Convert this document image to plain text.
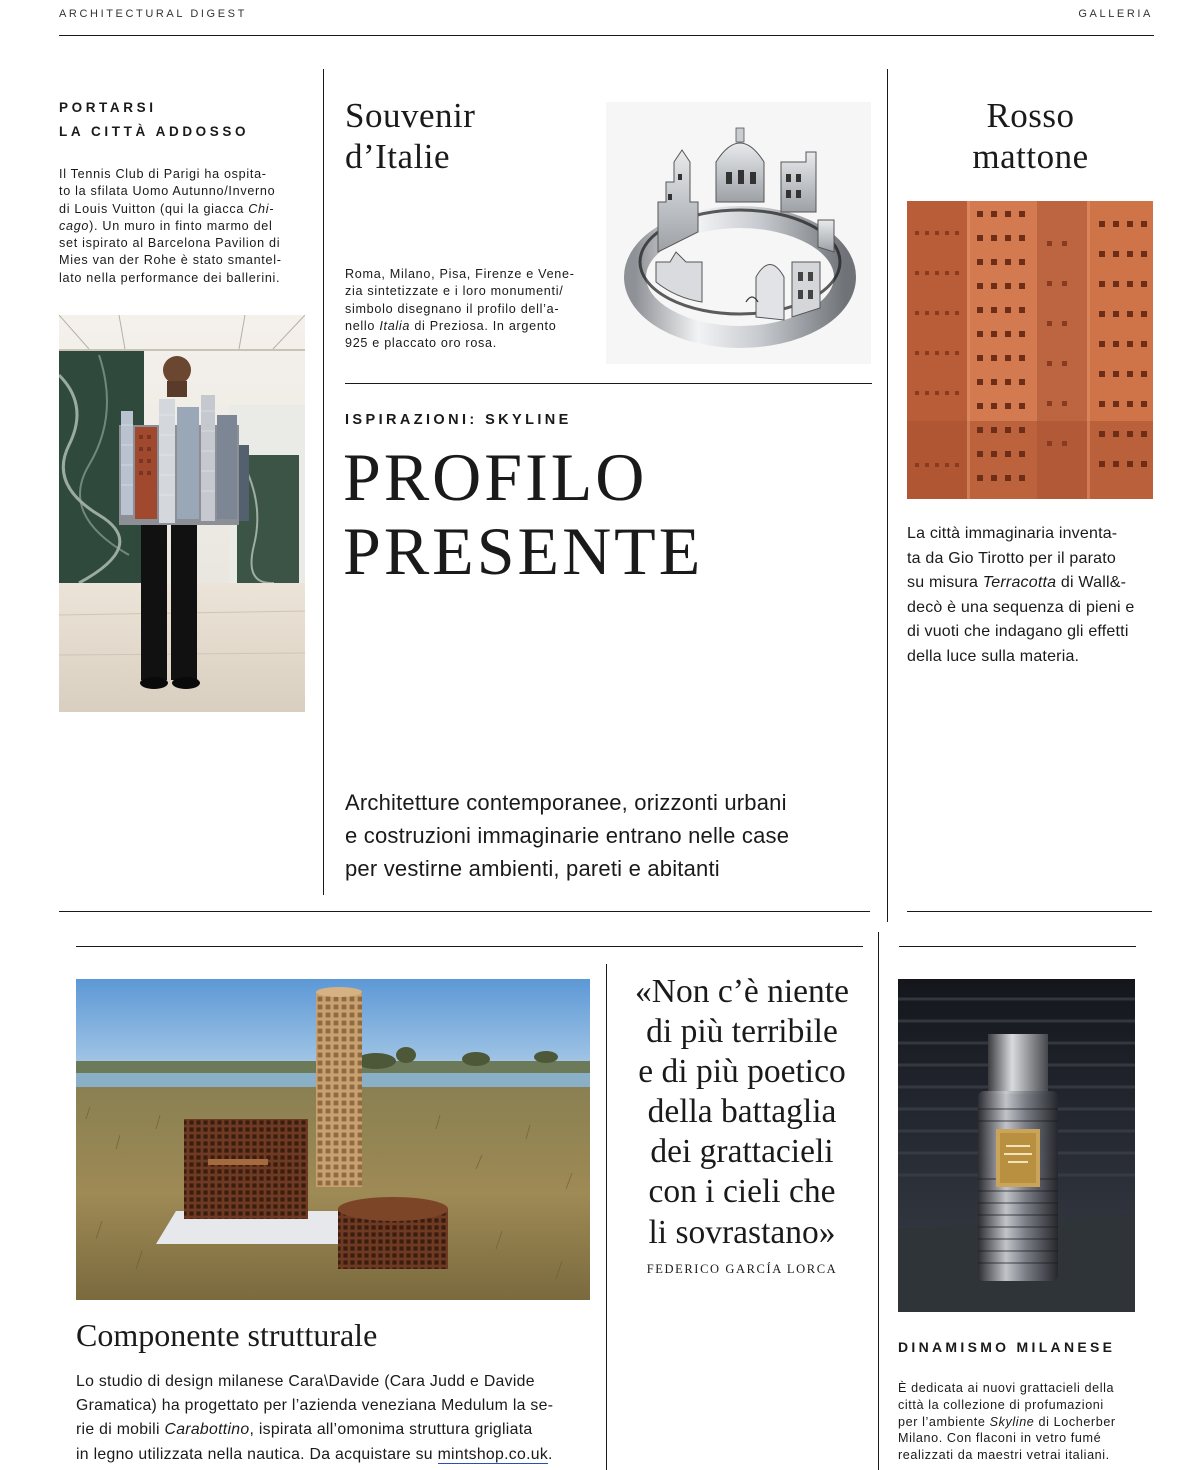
ARCHITECTURAL DIGEST	GALLERIA
PORTARSI
LA CITTÀ ADDOSSO
Il Tennis Club di Parigi ha ospita-
to la sfilata Uomo Autunno/Inverno
di Louis Vuitton (qui la giacca Chi-
cago). Un muro in finto marmo del
set ispirato al Barcelona Pavilion di
Mies van der Rohe è stato smantel-
lato nella performance dei ballerini.
Souvenir
d’Italie
Roma, Milano, Pisa, Firenze e Vene-
zia sintetizzate e i loro monumenti/
simbolo disegnano il profilo dell’a-
nello Italia di Preziosa. In argento
925 e placcato oro rosa.
ISPIRAZIONI: SKYLINE
PROFILO
PRESENTE
Architetture contemporanee, orizzonti urbani
e costruzioni immaginarie entrano nelle case
per vestirne ambienti, pareti e abitanti
Rosso
mattone
La città immaginaria inventa-
ta da Gio Tirotto per il parato
su misura Terracotta di Wall&-
decò è una sequenza di pieni e
di vuoti che indagano gli effetti
della luce sulla materia.
Componente strutturale
Lo studio di design milanese Cara\Davide (Cara Judd e Davide
Gramatica) ha progettato per l’azienda veneziana Medulum la se-
rie di mobili Carabottino, ispirata all’omonima struttura grigliata
in legno utilizzata nella nautica. Da acquistare su mintshop.co.uk.
«Non c’è niente
di più terribile
e di più poetico
della battaglia
dei grattacieli
con i cieli che
li sovrastano»
FEDERICO GARCÍA LORCA
DINAMISMO MILANESE
È dedicata ai nuovi grattacieli della
città la collezione di profumazioni
per l’ambiente Skyline di Locherber
Milano. Con flaconi in vetro fumé
realizzati da maestri vetrai italiani.
